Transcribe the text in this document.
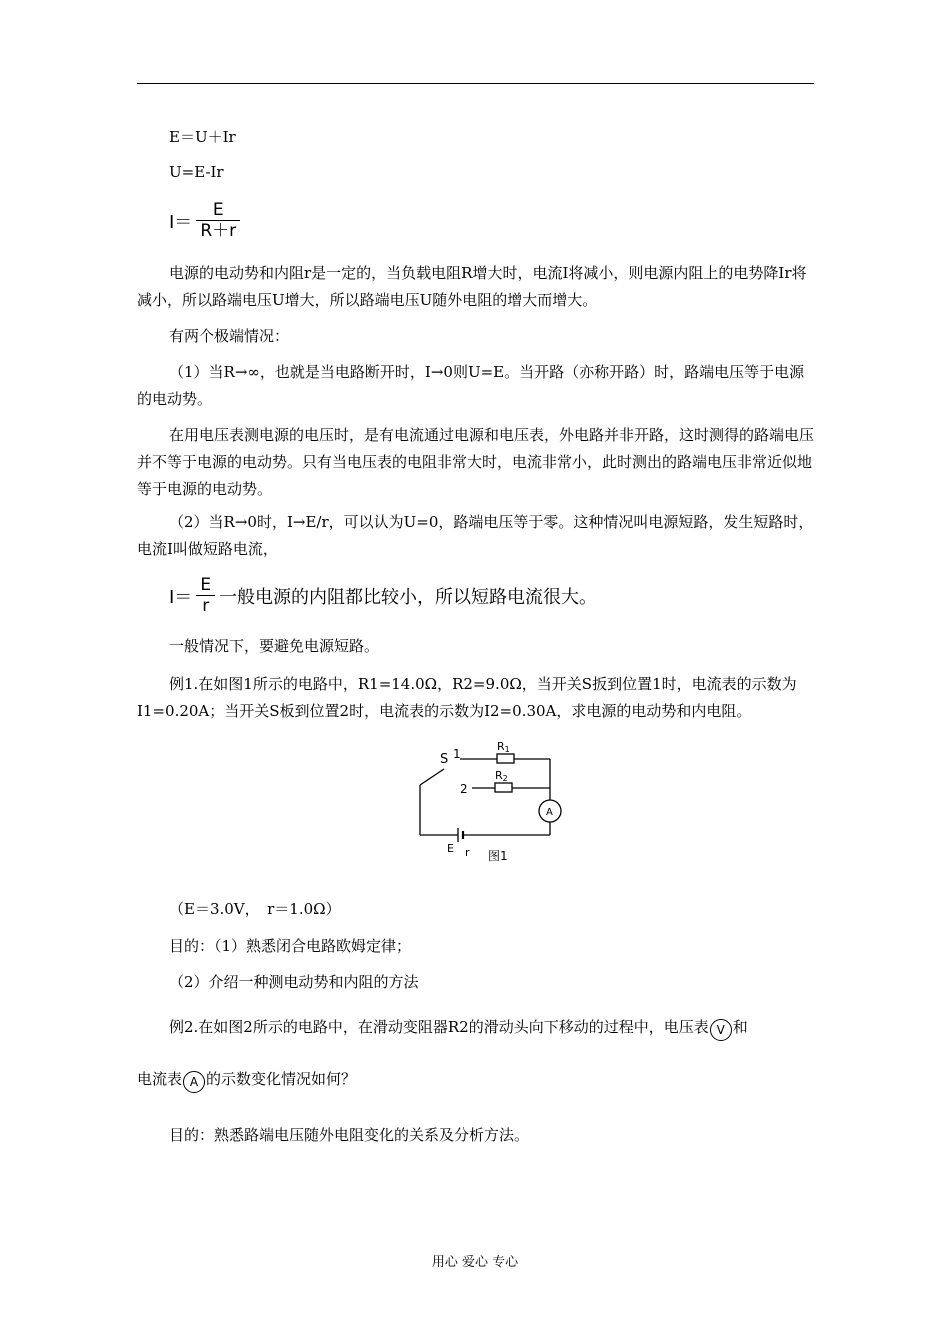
E＝U＋Ir
U=E-Ir
$I= \frac{E}{R+r}$

电源的电动势和内阻r是一定的，当负载电阻R增大时，电流I将减小，则电源内阻上的电势降Ir将减小，所以路端电压U增大，所以路端电压U随外电阻的增大而增大。

有两个极端情况：

（1）当R→∞，也就是当电路断开时，I→0则U=E。当开路（亦称开路）时，路端电压等于电源的电动势。

在用电压表测电源的电压时，是有电流通过电源和电压表，外电路并非开路，这时测得的路端电压并不等于电源的电动势。只有当电压表的电阻非常大时，电流非常小，此时测出的路端电压非常近似地等于电源的电动势。

（2）当R→0时，I→E/r，可以认为U=0，路端电压等于零。这种情况叫电源短路，发生短路时，电流I叫做短路电流，

$I= \frac{E}{r}$ 一般电源的内阻都比较小，所以短路电流很大。

一般情况下，要避免电源短路。

例1.在如图1所示的电路中，R1=14.0Ω，R2=9.0Ω，当开关S扳到位置1时，电流表的示数为I1=0.20A；当开关S板到位置2时，电流表的示数为I2=0.30A，求电源的电动势和内电阻。

S 1
2
R1
R2
A
E r 图1
（E＝3.0V，　r＝1.0Ω）
目的：（1）熟悉闭合电路欧姆定律；
（2）介绍一种测电动势和内阻的方法
例2.在如图2所示的电路中，在滑动变阻器R2的滑动头向下移动的过程中，电压表 V 和
电流表 A 的示数变化情况如何？
目的：熟悉路端电压随外电阻变化的关系及分析方法。
用心 爱心 专心
